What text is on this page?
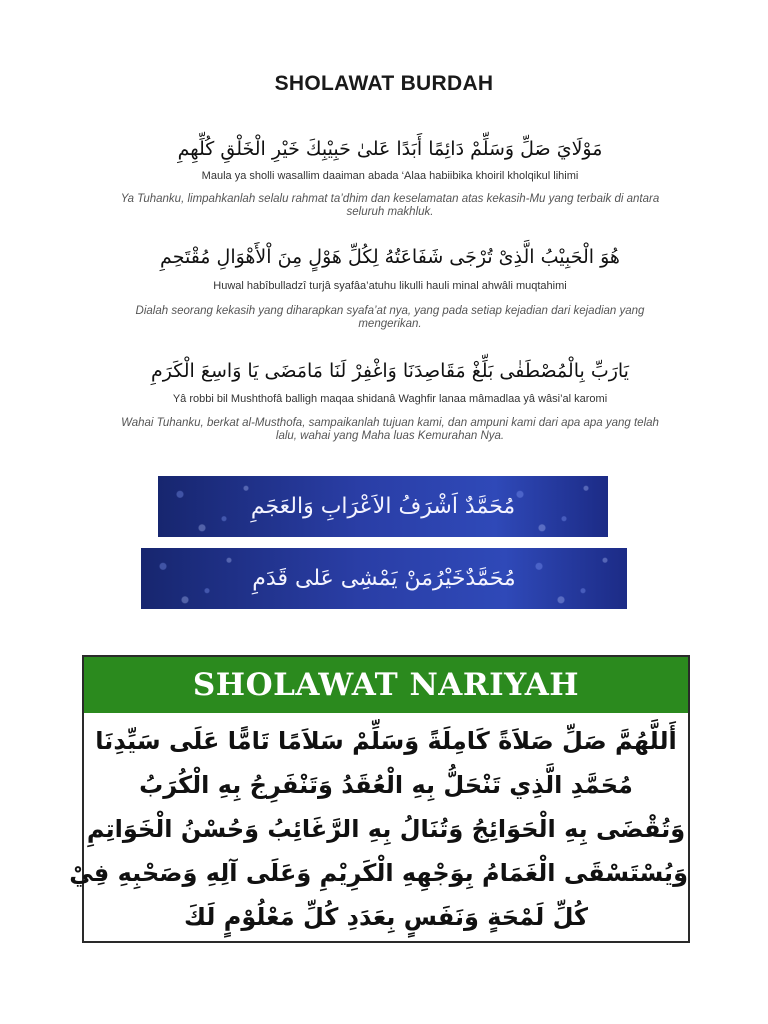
SHOLAWAT BURDAH
مَوْلَايَ صَلِّ وَسَلِّمْ دَائِمًا أَبَدًا عَلىٰ حَبِيْبِكَ خَيْرِ الْخَلْقِ كُلِّهِمِ
Maula ya sholli wasallim daaiman abada ‘Alaa habiibika khoiril kholqikul lihimi
Ya Tuhanku, limpahkanlah selalu rahmat ta’dhim dan keselamatan atas kekasih-Mu yang terbaik di antara seluruh makhluk.
هُوَ الْحَبِيْبُ الَّذِىْ تُرْجَى شَفَاعَتُهُ لِكُلِّ هَوْلٍ مِنَ اْلأَهْوَالِ مُقْتَحِمِ
Huwal habîbulladzî turjâ syafâa’atuhu likulli hauli minal ahwâli muqtahimi
Dialah seorang kekasih yang diharapkan syafa’at nya, yang pada setiap kejadian dari kejadian yang mengerikan.
يَارَبِّ بِالْمُصْطَفٰى بَلِّغْ مَقَاصِدَنَا وَاغْفِرْ لَنَا مَامَضَى يَا وَاسِعَ الْكَرَمِ
Yâ robbi bil Mushthofâ balligh maqaa shidanâ Waghfir lanaa mâmadlaa yâ wâsi’al karomi
Wahai Tuhanku, berkat al-Musthofa, sampaikanlah tujuan kami, dan ampuni kami dari apa apa yang telah lalu, wahai yang Maha luas Kemurahan Nya.
مُحَمَّدٌ اَشْرَفُ الاَعْرَابِ وَالعَجَمِ
مُحَمَّدٌخَيْرُمَنْ يَمْشِى عَلى قَدَمِ
SHOLAWAT NARIYAH
أَللَّهُمَّ صَلِّ صَلاَةً كَامِلَةً وَسَلِّمْ سَلاَمًا تَامًّا عَلَى سَيِّدِنَا
مُحَمَّدِ الَّذِي تَنْحَلُّ بِهِ الْعُقَدُ وَتَنْفَرِجُ بِهِ الْكُرَبُ
وَتُقْضَى بِهِ الْحَوَائِجُ وَتُنَالُ بِهِ الرَّغَائِبُ وَحُسْنُ الْخَوَاتِمِ
وَيُسْتَسْقَى الْغَمَامُ بِوَجْهِهِ الْكَرِيْمِ وَعَلَى آلِهِ وَصَحْبِهِ فِيْ
كُلِّ لَمْحَةٍ وَنَفَسٍ بِعَدَدِ كُلِّ مَعْلُوْمٍ لَكَ
